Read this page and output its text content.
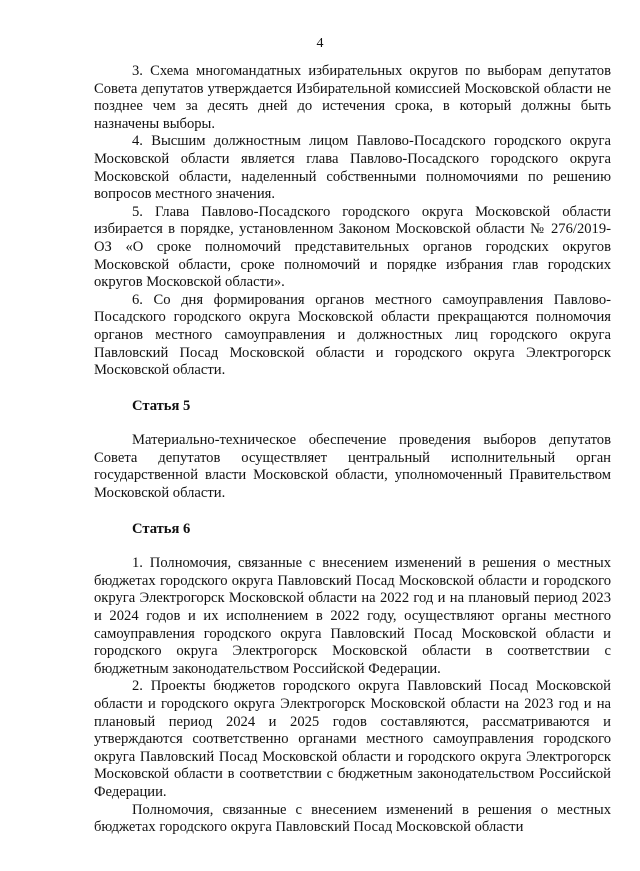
4

3. Схема многомандатных избирательных округов по выборам депутатов Совета депутатов утверждается Избирательной комиссией Московской области не позднее чем за десять дней до истечения срока, в который должны быть назначены выборы.

4. Высшим должностным лицом Павлово-Посадского городского округа Московской области является глава Павлово-Посадского городского округа Московской области, наделенный собственными полномочиями по решению вопросов местного значения.

5. Глава Павлово-Посадского городского округа Московской области избирается в порядке, установленном Законом Московской области № 276/2019-ОЗ «О сроке полномочий представительных органов городских округов Московской области, сроке полномочий и порядке избрания глав городских округов Московской области».

6. Со дня формирования органов местного самоуправления Павлово-Посадского городского округа Московской области прекращаются полномочия органов местного самоуправления и должностных лиц городского округа Павловский Посад Московской области и городского округа Электрогорск Московской области.

Статья 5

Материально-техническое обеспечение проведения выборов депутатов Совета депутатов осуществляет центральный исполнительный орган государственной власти Московской области, уполномоченный Правительством Московской области.

Статья 6

1. Полномочия, связанные с внесением изменений в решения о местных бюджетах городского округа Павловский Посад Московской области и городского округа Электрогорск Московской области на 2022 год и на плановый период 2023 и 2024 годов и их исполнением в 2022 году, осуществляют органы местного самоуправления городского округа Павловский Посад Московской области и городского округа Электрогорск Московской области в соответствии с бюджетным законодательством Российской Федерации.

2. Проекты бюджетов городского округа Павловский Посад Московской области и городского округа Электрогорск Московской области на 2023 год и на плановый период 2024 и 2025 годов составляются, рассматриваются и утверждаются соответственно органами местного самоуправления городского округа Павловский Посад Московской области и городского округа Электрогорск Московской области в соответствии с бюджетным законодательством Российской Федерации.

Полномочия, связанные с внесением изменений в решения о местных бюджетах городского округа Павловский Посад Московской области
